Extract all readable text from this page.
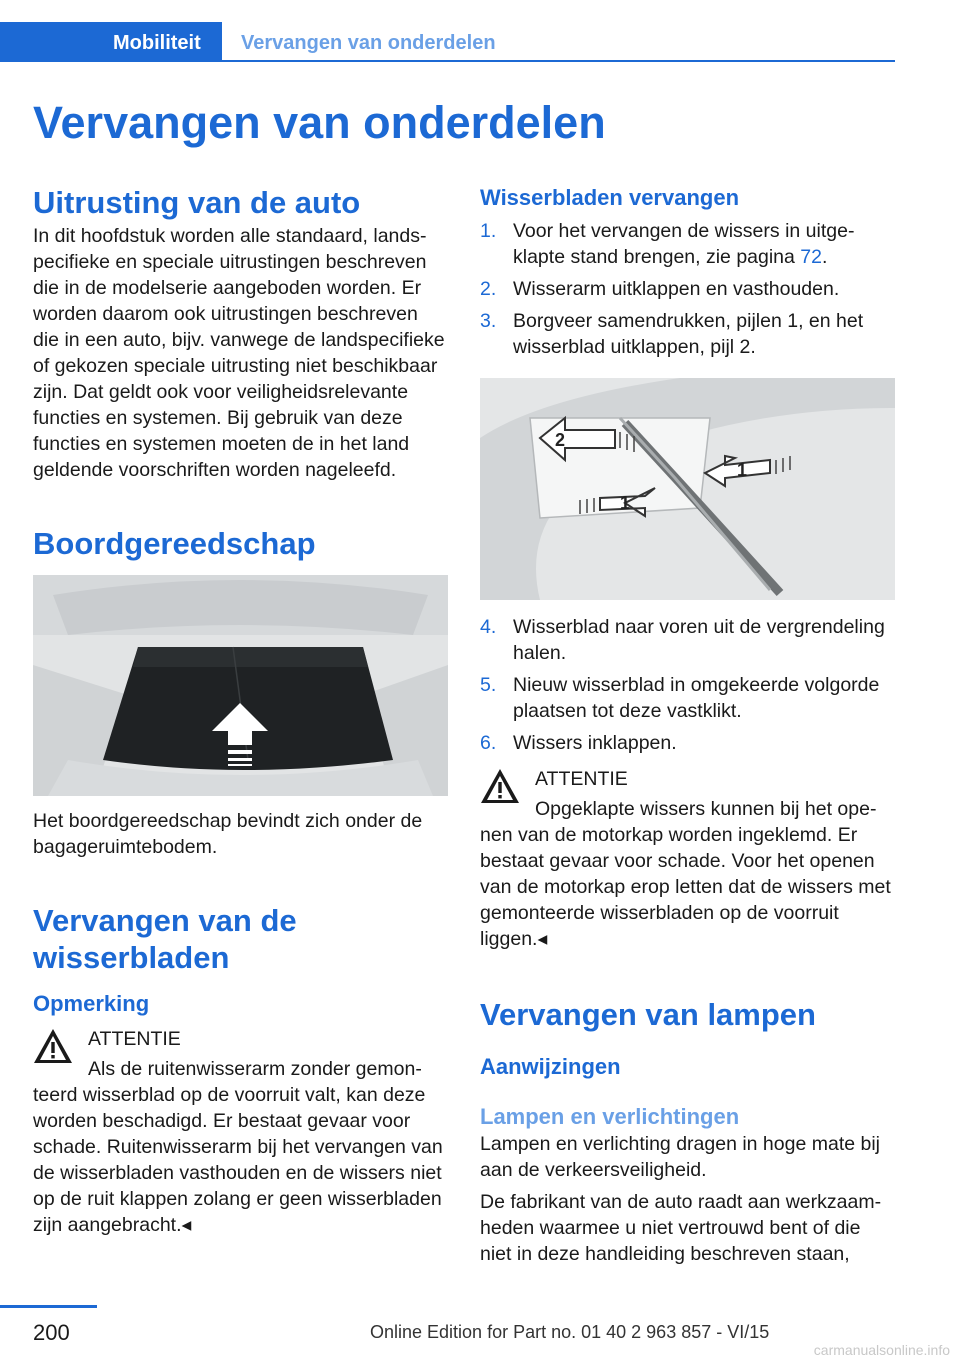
Mobiliteit Vervangen van onderdelen
Vervangen van onderdelen
Uitrusting van de auto

In dit hoofdstuk worden alle standaard, landspecifieke en speciale uitrustingen beschreven die in de modelserie aangeboden worden. Er worden daarom ook uitrustingen beschreven die in een auto, bijv. vanwege de landspecifieke of gekozen speciale uitrusting niet beschikbaar zijn. Dat geldt ook voor veiligheidsrelevante functies en systemen. Bij gebruik van deze functies en systemen moeten de in het land geldende voorschriften worden nageleefd.

Boordgereedschap

Het boordgereedschap bevindt zich onder de bagageruimtebodem.

Vervangen van de wisserbladen
Opmerking
ATTENTIE
Als de ruitenwisserarm zonder gemonteerd wisserblad op de voorruit valt, kan deze worden beschadigd. Er bestaat gevaar voor schade. Ruitenwisserarm bij het vervangen van de wisserbladen vasthouden en de wissers niet op de ruit klappen zolang er geen wisserbladen zijn aangebracht.◂
Wisserbladen vervangen
1. Voor het vervangen de wissers in uitgeklapte stand brengen, zie pagina 72.
2. Wisserarm uitklappen en vasthouden.
3. Borgveer samendrukken, pijlen 1, en het wisserblad uitklappen, pijl 2.
2
1
1
4. Wisserblad naar voren uit de vergrendeling halen.
5. Nieuw wisserblad in omgekeerde volgorde plaatsen tot deze vastklikt.
6. Wissers inklappen.
ATTENTIE
Opgeklapte wissers kunnen bij het openen van de motorkap worden ingeklemd. Er bestaat gevaar voor schade. Voor het openen van de motorkap erop letten dat de wissers met gemonteerde wisserbladen op de voorruit liggen.◂
Vervangen van lampen
Aanwijzingen
Lampen en verlichtingen

Lampen en verlichting dragen in hoge mate bij aan de verkeersveiligheid.

De fabrikant van de auto raadt aan werkzaamheden waarmee u niet vertrouwd bent of die niet in deze handleiding beschreven staan,

200	Online Edition for Part no. 01 40 2 963 857 - VI/15
carmanualsonline.info
